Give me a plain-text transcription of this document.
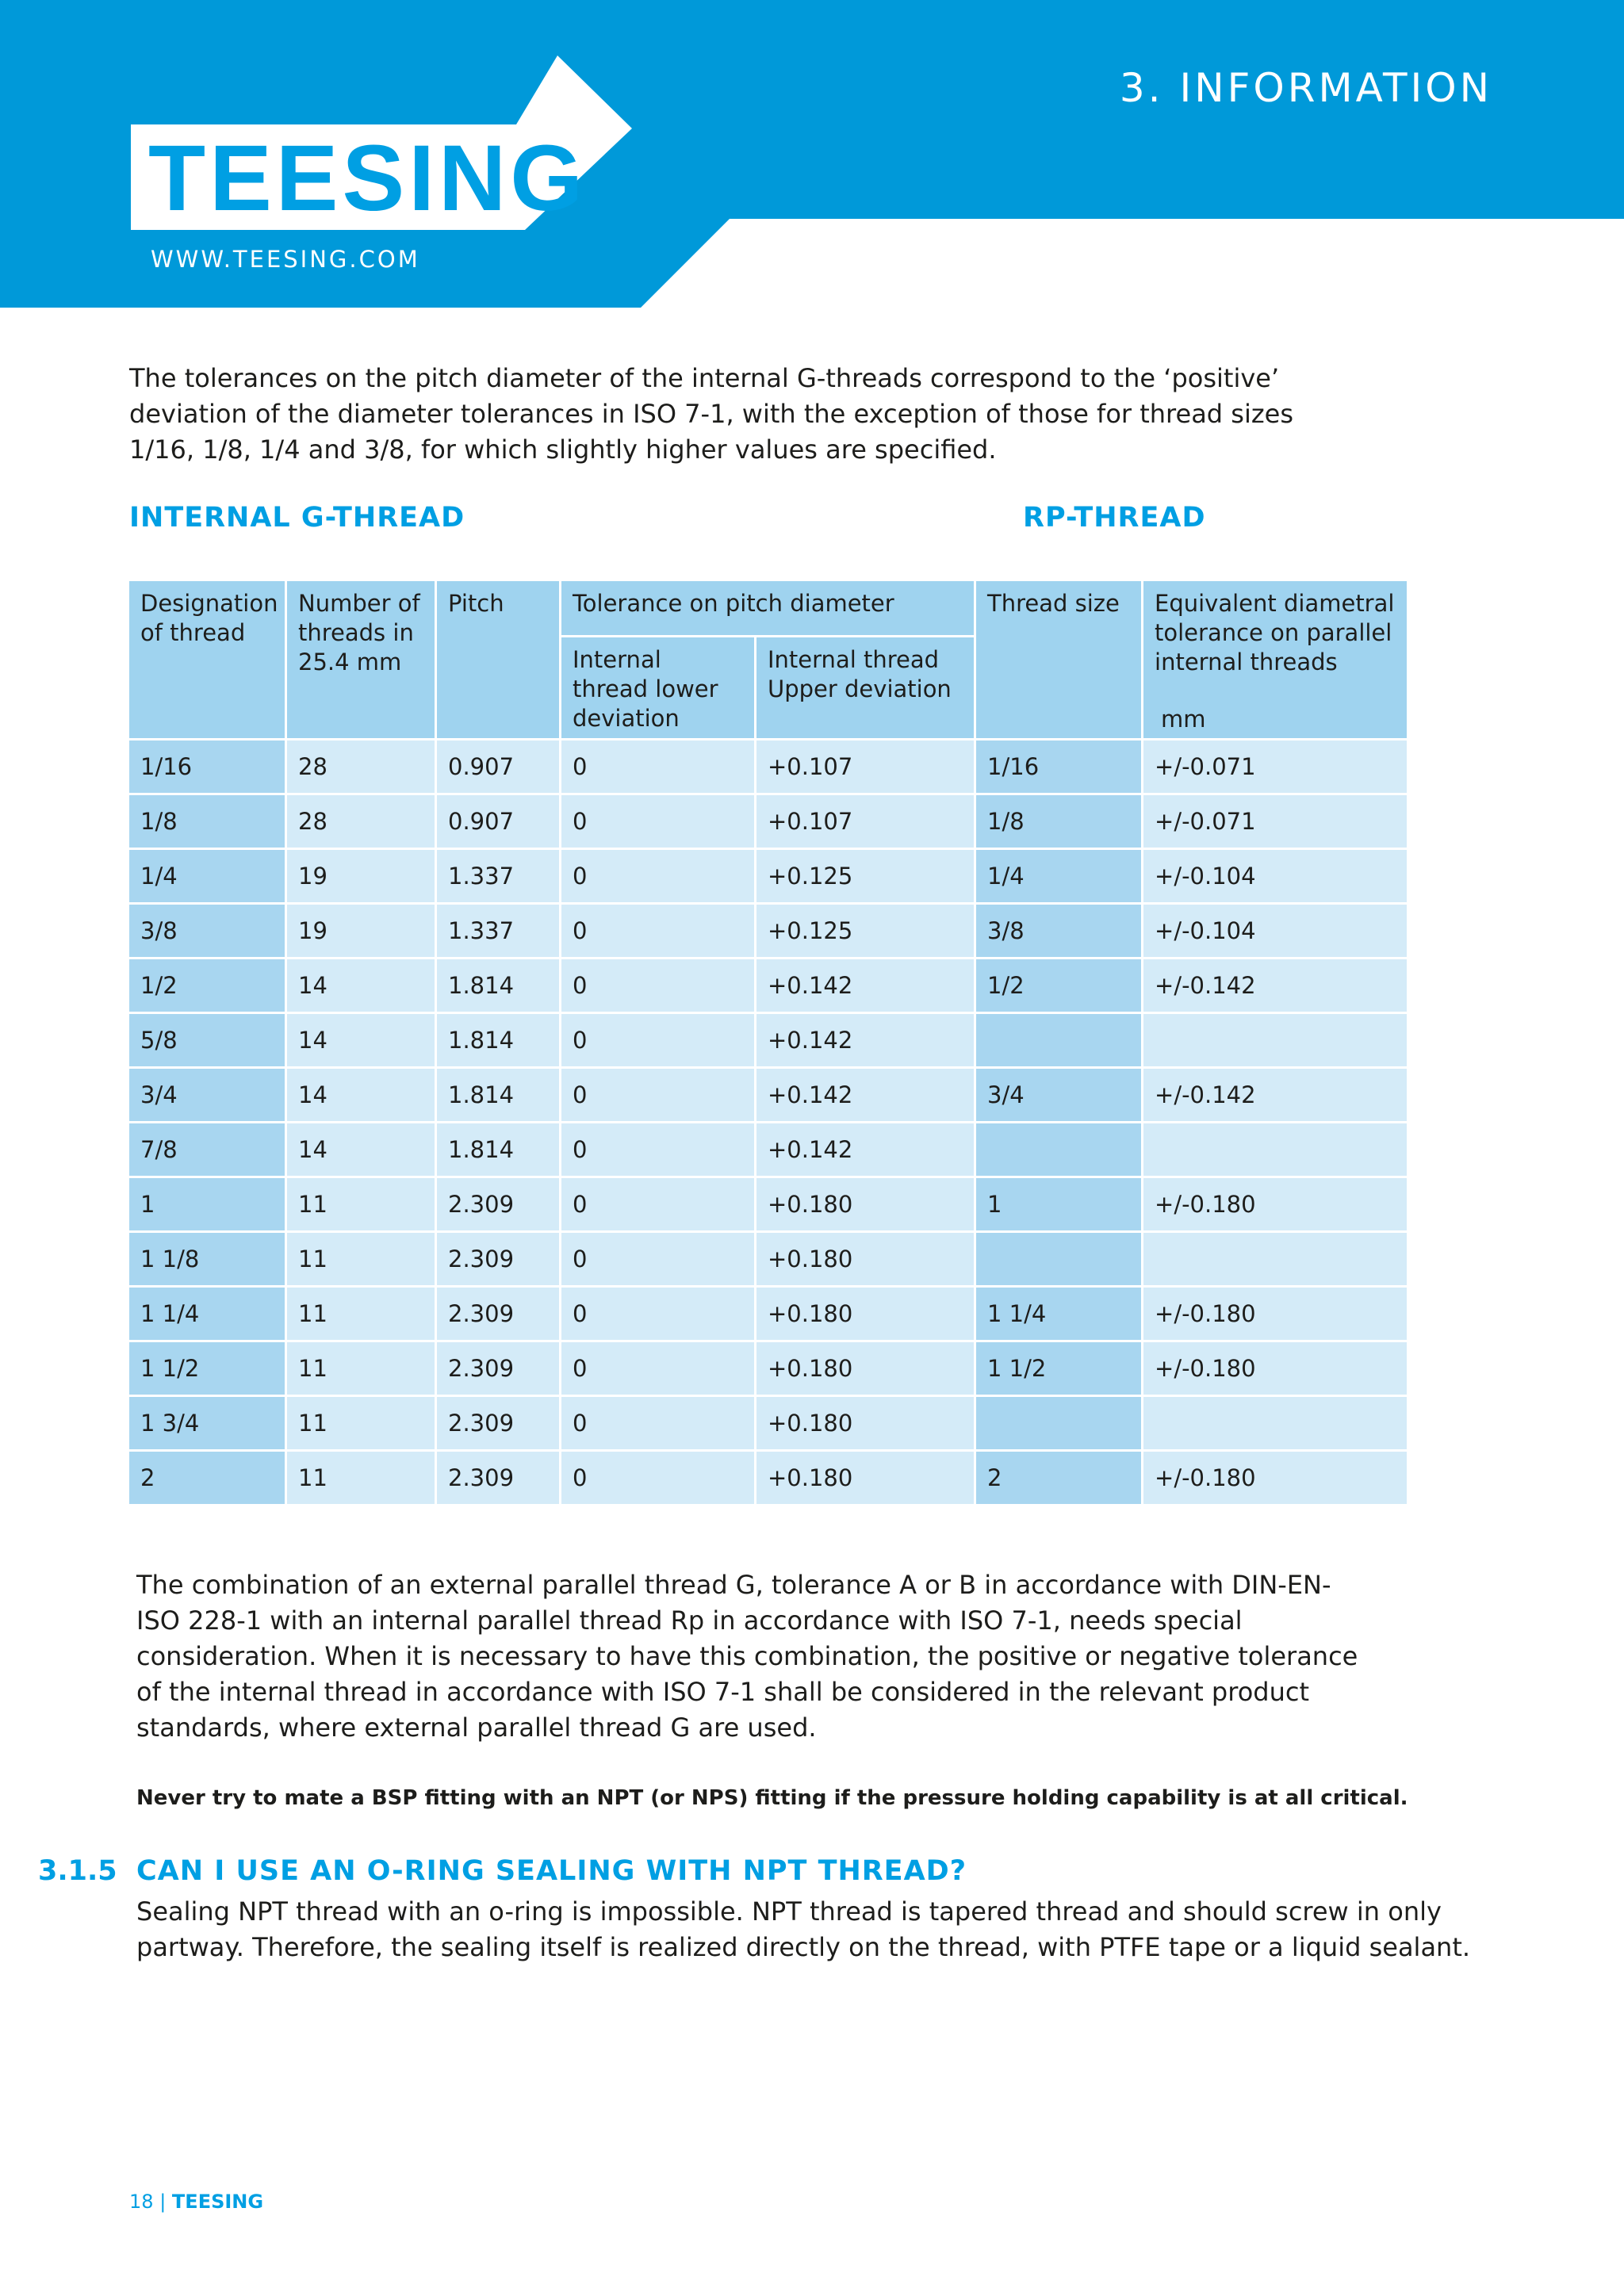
TEESING
WWW.TEESING.COM
3. INFORMATION

The tolerances on the pitch diameter of the internal G-threads correspond to the ‘positive’ deviation of the diameter tolerances in ISO 7-1, with the exception of those for thread sizes 1/16, 1/8, 1/4 and 3/8, for which slightly higher values are specified.

INTERNAL G-THREAD	RP-THREAD
Designation of thread	Number of threads in 25.4 mm	Pitch	Tolerance on pitch diameter		Thread size	Equivalent diametral tolerance on parallel internal threads
mm

			Internal thread lower deviation	Internal thread Upper deviation		
1/16	28	0.907	0	+0.107	1/16	+/-0.071
1/8	28	0.907	0	+0.107	1/8	+/-0.071
1/4	19	1.337	0	+0.125	1/4	+/-0.104
3/8	19	1.337	0	+0.125	3/8	+/-0.104
1/2	14	1.814	0	+0.142	1/2	+/-0.142
5/8	14	1.814	0	+0.142		
3/4	14	1.814	0	+0.142	3/4	+/-0.142
7/8	14	1.814	0	+0.142		
1	11	2.309	0	+0.180	1	+/-0.180
1 1/8	11	2.309	0	+0.180		
1 1/4	11	2.309	0	+0.180	1 1/4	+/-0.180
1 1/2	11	2.309	0	+0.180	1 1/2	+/-0.180
1 3/4	11	2.309	0	+0.180		
2	11	2.309	0	+0.180	2	+/-0.180

The combination of an external parallel thread G, tolerance A or B in accordance with DIN-EN-ISO 228-1 with an internal parallel thread Rp in accordance with ISO 7-1, needs special consideration. When it is necessary to have this combination, the positive or negative tolerance of the internal thread in accordance with ISO 7-1 shall be considered in the relevant product standards, where external parallel thread G are used.

Never try to mate a BSP fitting with an NPT (or NPS) fitting if the pressure holding capability is at all critical.
3.1.5 CAN I USE AN O-RING SEALING WITH NPT THREAD?

Sealing NPT thread with an o-ring is impossible. NPT thread is tapered thread and should screw in only partway. Therefore, the sealing itself is realized directly on the thread, with PTFE tape or a liquid sealant.

18 | TEESING
